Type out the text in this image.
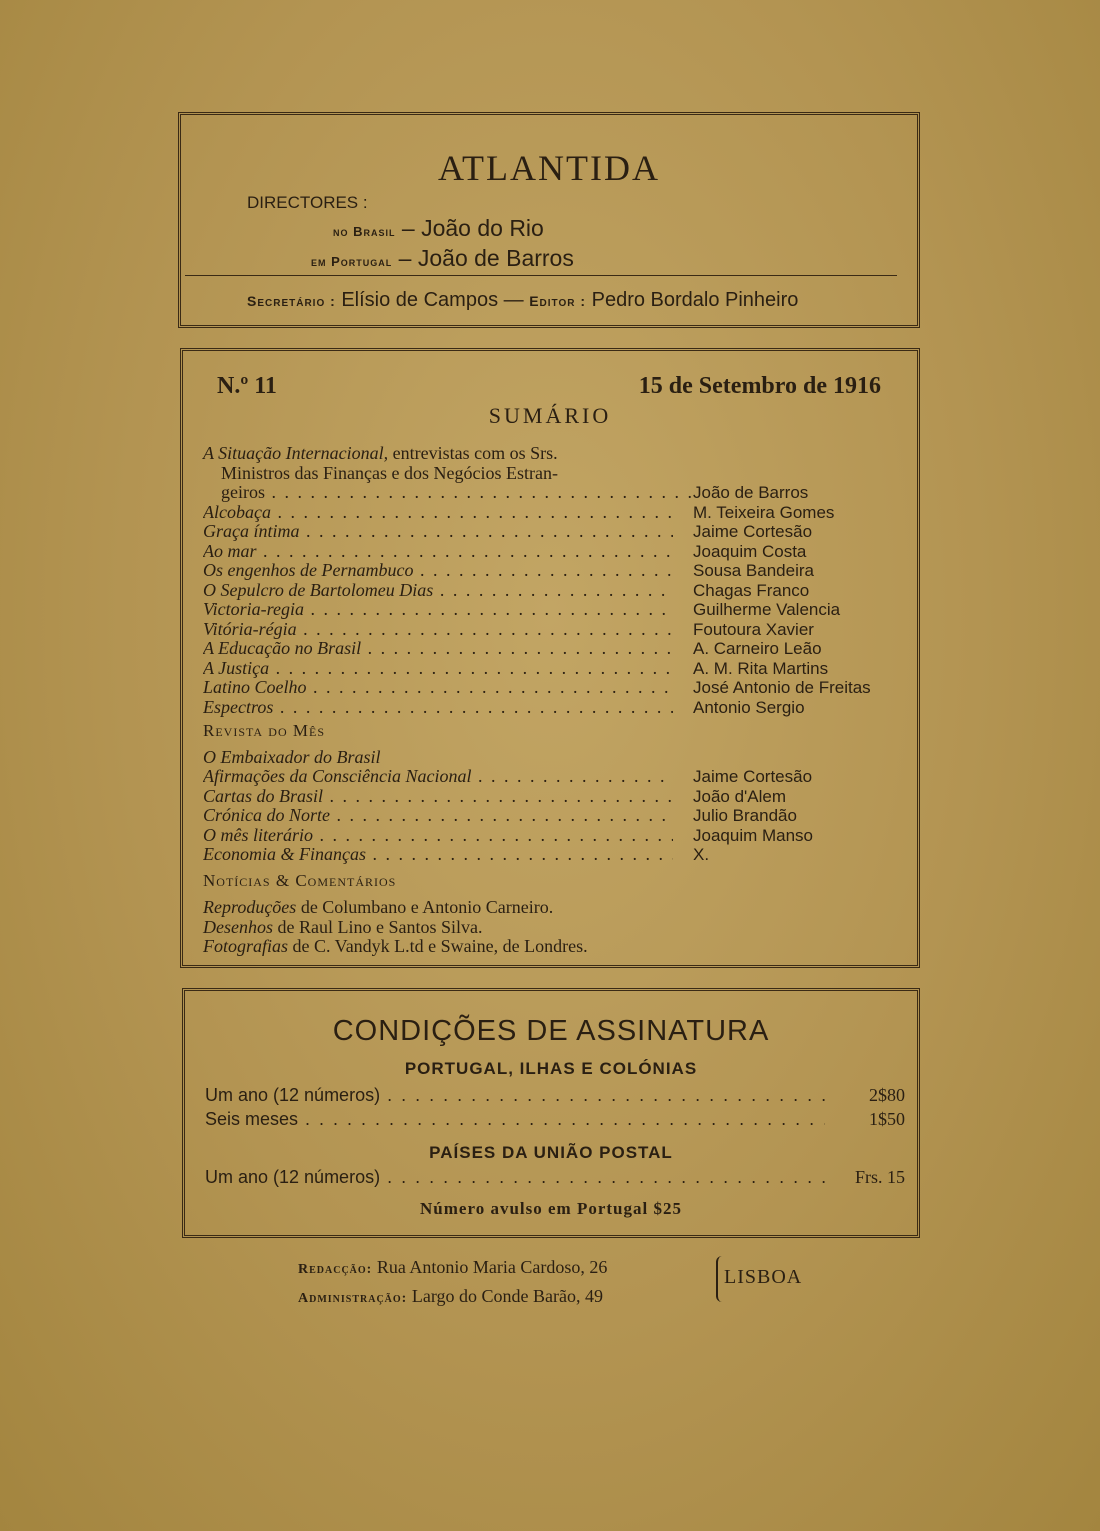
ATLANTIDA
DIRECTORES :
no Brasil – João do Rio
em Portugal – João de Barros
Secretário : Elísio de Campos — Editor : Pedro Bordalo Pinheiro
N.º 11	15 de Setembro de 1916
SUMÁRIO
A Situação Internacional, entrevistas com os Srs.
Ministros das Finanças e dos Negócios Estran-
geiros . . .	João de Barros
Alcobaça . . .	M. Teixeira Gomes
Graça íntima . . .	Jaime Cortesão
Ao mar . . .	Joaquim Costa
Os engenhos de Pernambuco . . .	Sousa Bandeira
O Sepulcro de Bartolomeu Dias . . .	Chagas Franco
Victoria-regia . . .	Guilherme Valencia
Vitória-régia . . .	Foutoura Xavier
A Educação no Brasil . . .	A. Carneiro Leão
A Justiça . . .	A. M. Rita Martins
Latino Coelho . . .	José Antonio de Freitas
Espectros . . .	Antonio Sergio
Revista do Mês
O Embaixador do Brasil
Afirmações da Consciência Nacional . . .	Jaime Cortesão
Cartas do Brasil . . .	João d'Alem
Crónica do Norte . . .	Julio Brandão
O mês literário . . .	Joaquim Manso
Economia & Finanças . . .	X.
Notícias & Comentários
Reproduções de Columbano e Antonio Carneiro.
Desenhos de Raul Lino e Santos Silva.
Fotografias de C. Vandyk L.td e Swaine, de Londres.
CONDIÇÕES DE ASSINATURA
PORTUGAL, ILHAS E COLÓNIAS
Um ano (12 números) . . .	2$80
Seis meses . . .	1$50
PAÍSES DA UNIÃO POSTAL
Um ano (12 números) . . .	Frs. 15
Número avulso em Portugal $25
Redacção: Rua Antonio Maria Cardoso, 26
Administração: Largo do Conde Barão, 49
LISBOA
